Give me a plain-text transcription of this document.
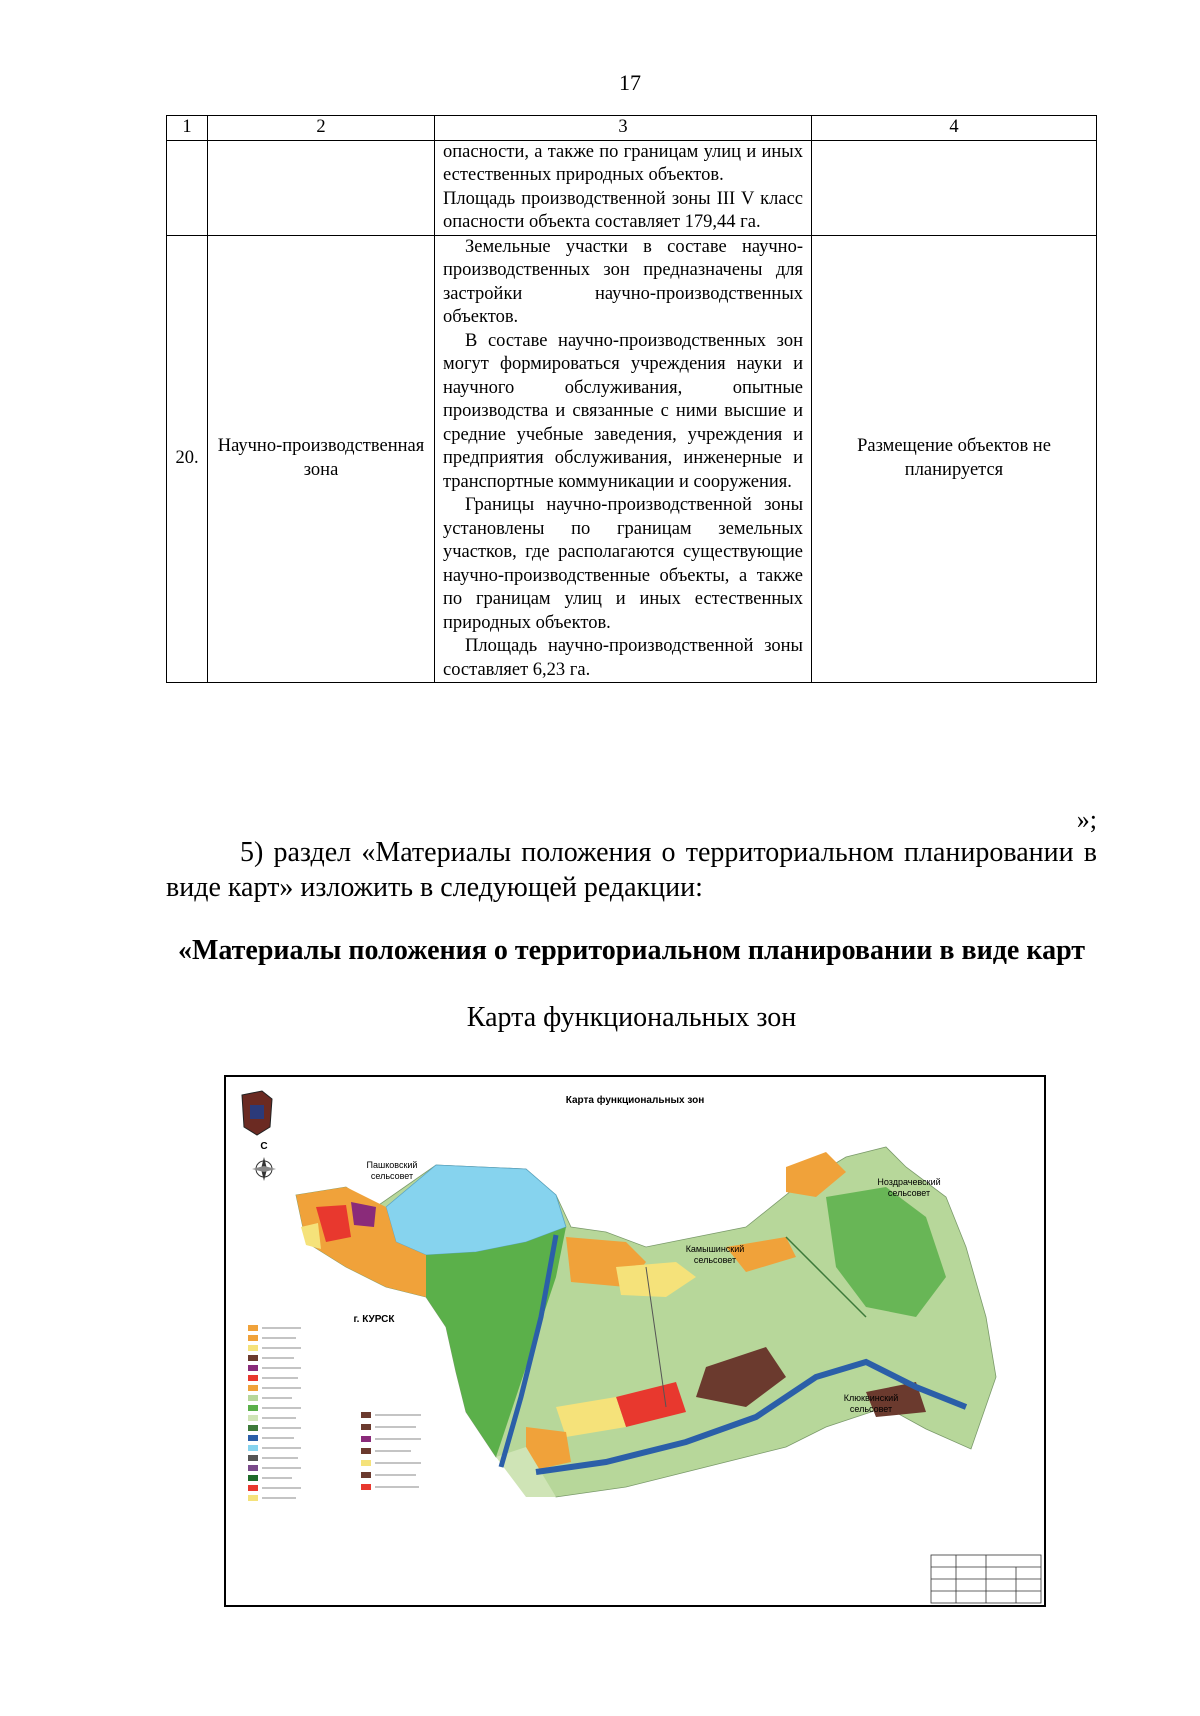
17
1	2	3	4

		опасности, а также по границам улиц и иных естественных природных объектов.

Площадь производственной зоны III V класс опасности объекта составляет 179,44 га.	

20.	Научно-производственная зона	Земельные участки в составе научно-производственных зон предназначены для застройки научно-производственных объектов.

В составе научно-производственных зон могут формироваться учреждения науки и научного обслуживания, опытные производства и связанные с ними высшие и средние учебные заведения, учреждения и предприятия обслуживания, инженерные и транспортные коммуникации и сооружения.

Границы научно-производственной зоны установлены по границам земельных участков, где располагаются существующие научно-производственные объекты, а также по границам улиц и иных естественных природных объектов.

Площадь научно-производственной зоны составляет 6,23 га.	Размещение объектов не планируется
»;

5) раздел «Материалы положения о территориальном планировании в виде карт» изложить в следующей редакции:

«Материалы положения о территориальном планировании в виде карт
Карта функциональных зон
Карта функциональных зон
С
Пашковский
сельсовет
г. КУРСК
Камышинский
сельсовет
Ноздрачевский
сельсовет
Клюквинский
сельсовет
